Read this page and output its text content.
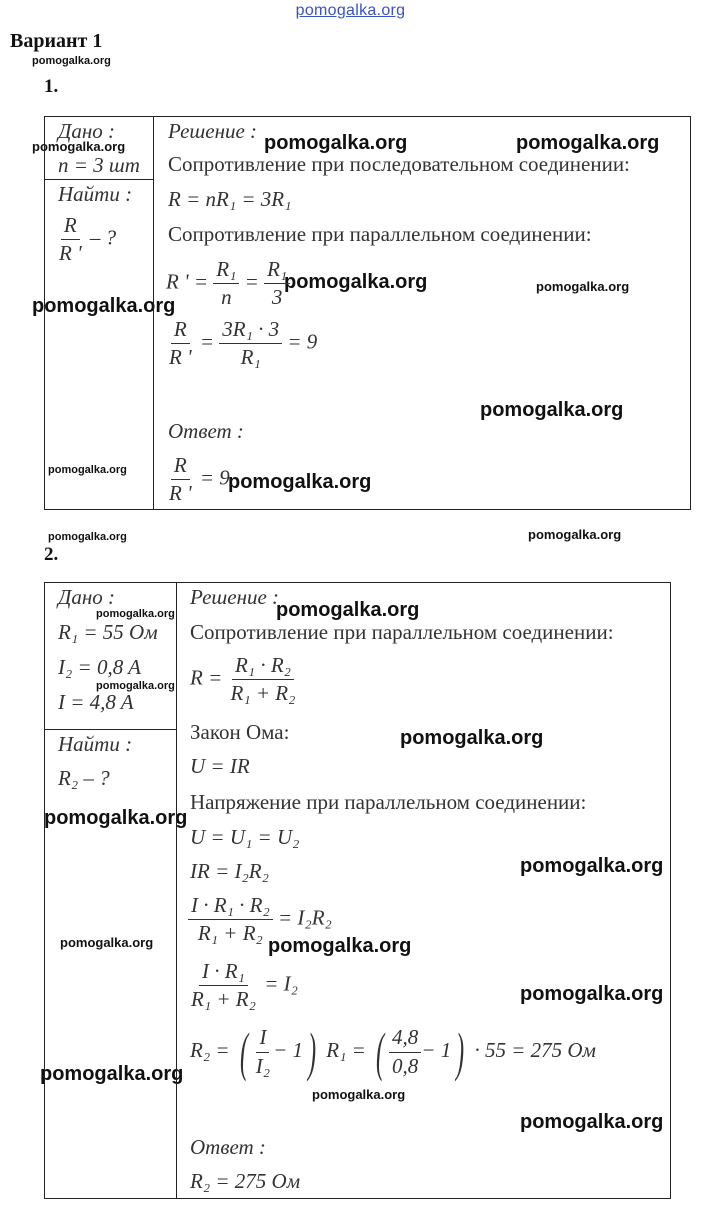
pomogalka.org
Вариант 1
pomogalka.org
pomogalka.org	pomogalka.org	pomogalka.org
pomogalka.org	pomogalka.org
pomogalka.org
pomogalka.org
pomogalka.org
pomogalka.org
pomogalka.org	pomogalka.org
pomogalka.org	pomogalka.org
pomogalka.org
pomogalka.org
pomogalka.org
pomogalka.org
pomogalka.org	pomogalka.org
pomogalka.org
pomogalka.org
pomogalka.org
pomogalka.org
1.
Дано :
n = 3 шт
Найти :
$\frac{R}{R '}$ – ?
Решение :
Сопротивление при последовательном соединении:
R = nR₁ = 3R₁
Сопротивление при параллельном соединении:
R ' = $\frac{\text{R₁}}{n} = \frac{\text{R₁}}{3}$
$\frac{R}{R '} = \frac{\text{3R₁ · 3}}{\text{R₁}} = 9$
Ответ :
$\frac{R}{R '} = 9$
2.
Дано :
R₁ = 55 Ом
I₂ = 0,8 A
I = 4,8 A
Найти :
R₂ – ?
Решение :
Сопротивление при параллельном соединении:
$R = \frac{\text{R₁ · R₂}}{\text{R₁ + R₂}}$
Закон Ома:
U = IR
Напряжение при параллельном соединении:
U = U₁ = U₂
IR = I₂R₂
$\frac{\text{I · R₁ · R₂}}{\text{R₁ + R₂}} = I_2R_2$
$\frac{\text{I · R₁}}{\text{R₁ + R₂}} = I_2$
R₂ = ( $\frac{I}{\text{I₂}} - 1$) R₁ = ( $\frac{4,8}{0,8} - 1) \cdot 55 = 275$ Ом
Ответ :
R₂ = 275 Ом
